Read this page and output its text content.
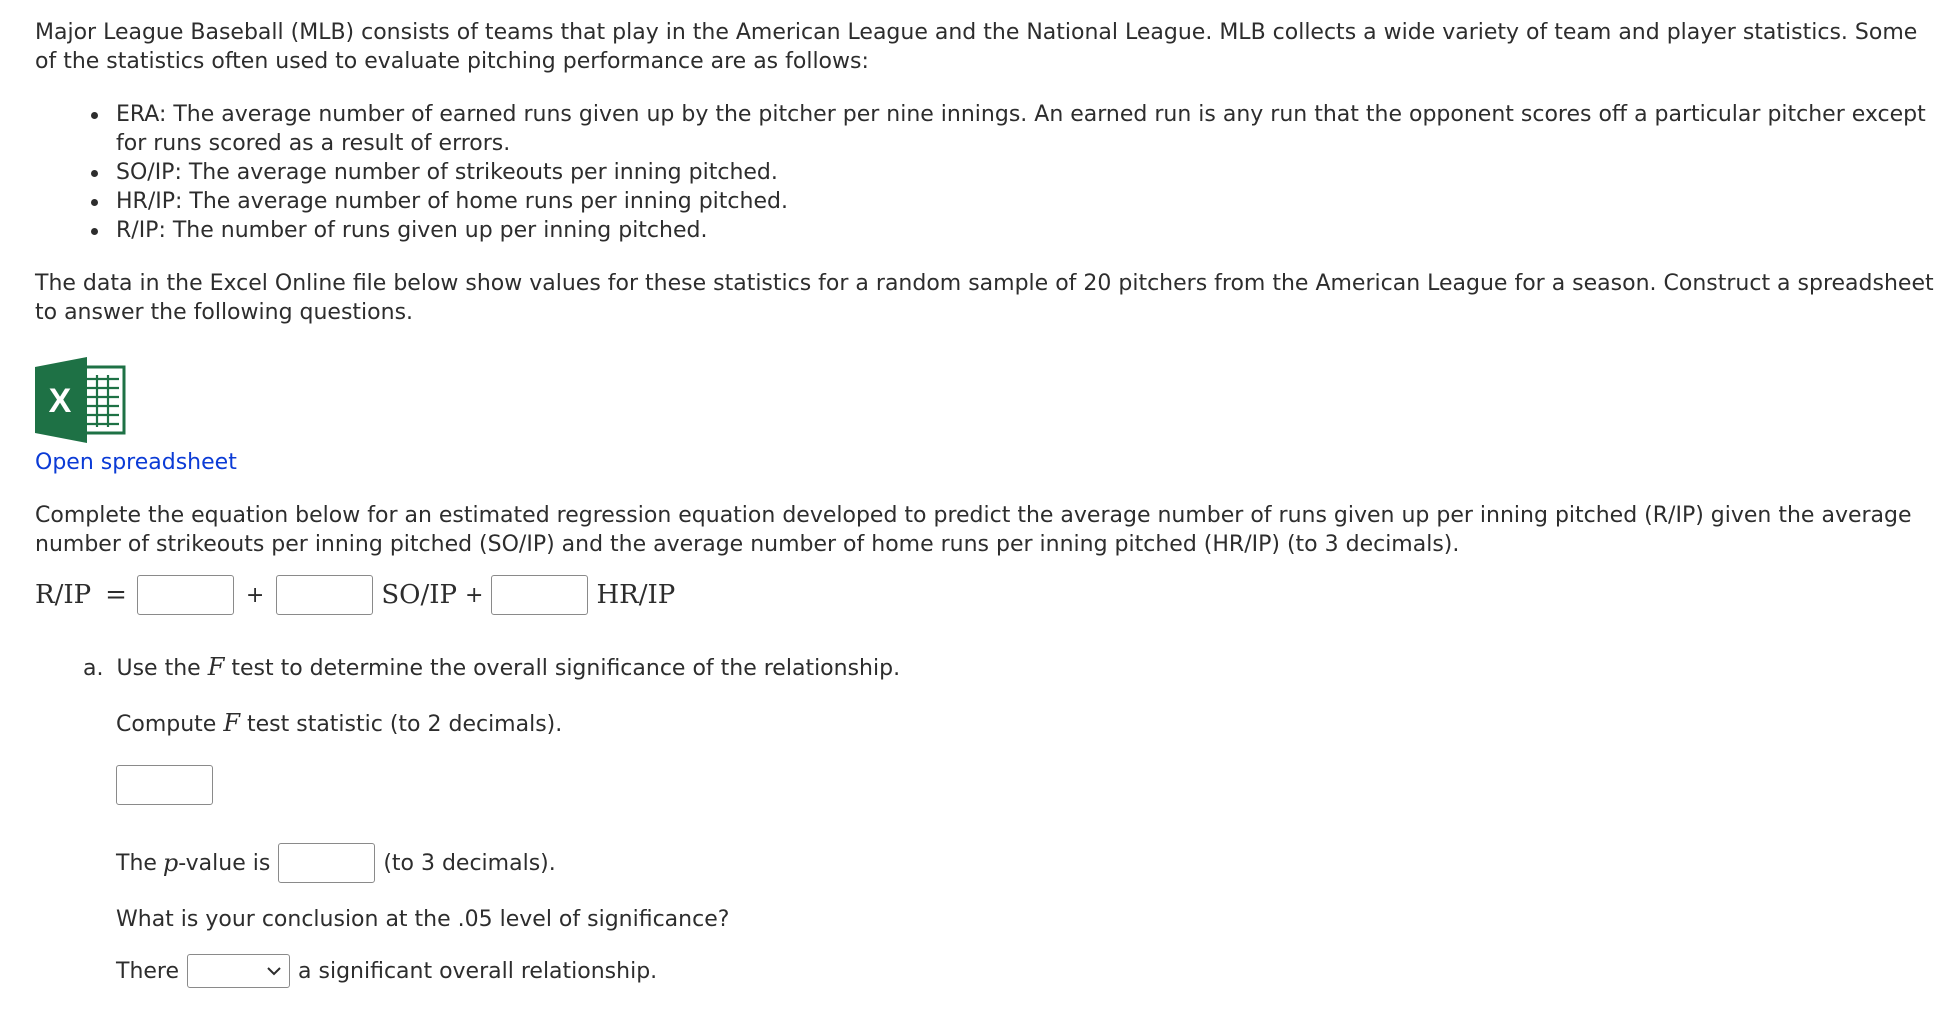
Major League Baseball (MLB) consists of teams that play in the American League and the National League. MLB collects a wide variety of team and player statistics. Some of the statistics often used to evaluate pitching performance are as follows:

ERA: The average number of earned runs given up by the pitcher per nine innings. An earned run is any run that the opponent scores off a particular pitcher except for runs scored as a result of errors.
SO/IP: The average number of strikeouts per inning pitched.
HR/IP: The average number of home runs per inning pitched.
R/IP: The number of runs given up per inning pitched.

The data in the Excel Online file below show values for these statistics for a random sample of 20 pitchers from the American League for a season. Construct a spreadsheet to answer the following questions.

X
Open spreadsheet

Complete the equation below for an estimated regression equation developed to predict the average number of runs given up per inning pitched (R/IP) given the average number of strikeouts per inning pitched (SO/IP) and the average number of home runs per inning pitched (HR/IP) (to 3 decimals).

R/IP =	+	SO/IP +	HR/IP

a. Use the F test to determine the overall significance of the relationship.

Compute F test statistic (to 2 decimals).

The p -value is	(to 3 decimals).

What is your conclusion at the .05 level of significance?

There	a significant overall relationship.
